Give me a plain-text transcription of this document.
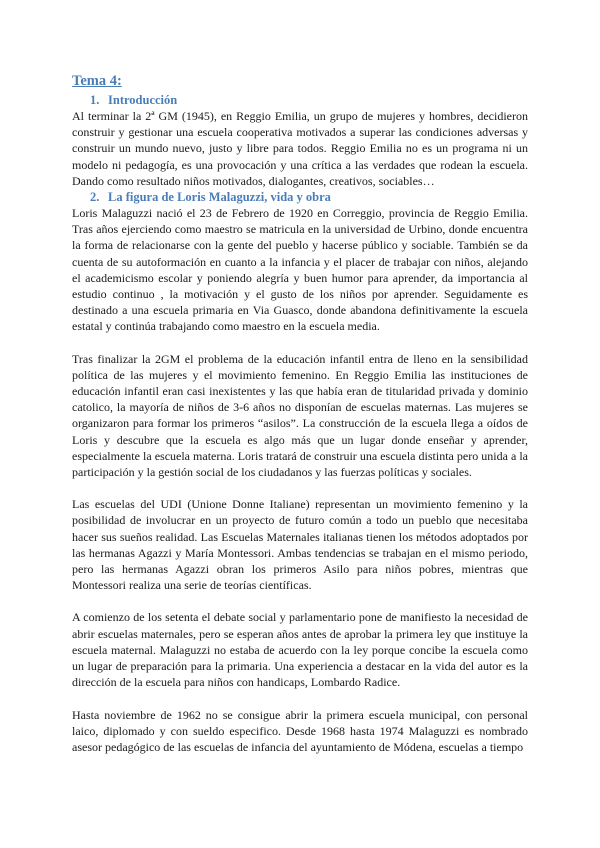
Tema 4:
1. Introducción

Al terminar la 2ª GM (1945), en Reggio Emilia, un grupo de mujeres y hombres, decidieron construir y gestionar una escuela cooperativa motivados a superar las condiciones adversas y construir un mundo nuevo, justo y libre para todos. Reggio Emilia no es un programa ni un modelo ni pedagogía, es una provocación y una crítica a las verdades que rodean la escuela. Dando como resultado niños motivados, dialogantes, creativos, sociables…

2. La figura de Loris Malaguzzi, vida y obra

Loris Malaguzzi nació el 23 de Febrero de 1920 en Correggio, provincia de Reggio Emilia. Tras años ejerciendo como maestro se matricula en la universidad de Urbino, donde encuentra la forma de relacionarse con la gente del pueblo y hacerse público y sociable. También se da cuenta de su autoformación en cuanto a la infancia y el placer de trabajar con niños, alejando el academicismo escolar y poniendo alegría y buen humor para aprender, da importancia al estudio continuo , la motivación y el gusto de los niños por aprender. Seguidamente es destinado a una escuela primaria en Via Guasco, donde abandona definitivamente la escuela estatal y continúa trabajando como maestro en la escuela media.

Tras finalizar la 2GM el problema de la educación infantil entra de lleno en la sensibilidad política de las mujeres y el movimiento femenino. En Reggio Emilia las instituciones de educación infantil eran casi inexistentes y las que había eran de titularidad privada y dominio catolico, la mayoría de niños de 3-6 años no disponían de escuelas maternas. Las mujeres se organizaron para formar los primeros “asilos”. La construcción de la escuela llega a oídos de Loris y descubre que la escuela es algo más que un lugar donde enseñar y aprender, especialmente la escuela materna. Loris tratará de construir una escuela distinta pero unida a la participación y la gestión social de los ciudadanos y las fuerzas políticas y sociales.

Las escuelas del UDI (Unione Donne Italiane) representan un movimiento femenino y la posibilidad de involucrar en un proyecto de futuro común a todo un pueblo que necesitaba hacer sus sueños realidad. Las Escuelas Maternales italianas tienen los métodos adoptados por las hermanas Agazzi y María Montessori. Ambas tendencias se trabajan en el mismo periodo, pero las hermanas Agazzi obran los primeros Asilo para niños pobres, mientras que Montessori realiza una serie de teorías científicas.

A comienzo de los setenta el debate social y parlamentario pone de manifiesto la necesidad de abrir escuelas maternales, pero se esperan años antes de aprobar la primera ley que instituye la escuela maternal. Malaguzzi no estaba de acuerdo con la ley porque concibe la escuela como un lugar de preparación para la primaria. Una experiencia a destacar en la vida del autor es la dirección de la escuela para niños con handicaps, Lombardo Radice.

Hasta noviembre de 1962 no se consigue abrir la primera escuela municipal, con personal laico, diplomado y con sueldo especifico. Desde 1968 hasta 1974 Malaguzzi es nombrado asesor pedagógico de las escuelas de infancia del ayuntamiento de Módena, escuelas a tiempo
